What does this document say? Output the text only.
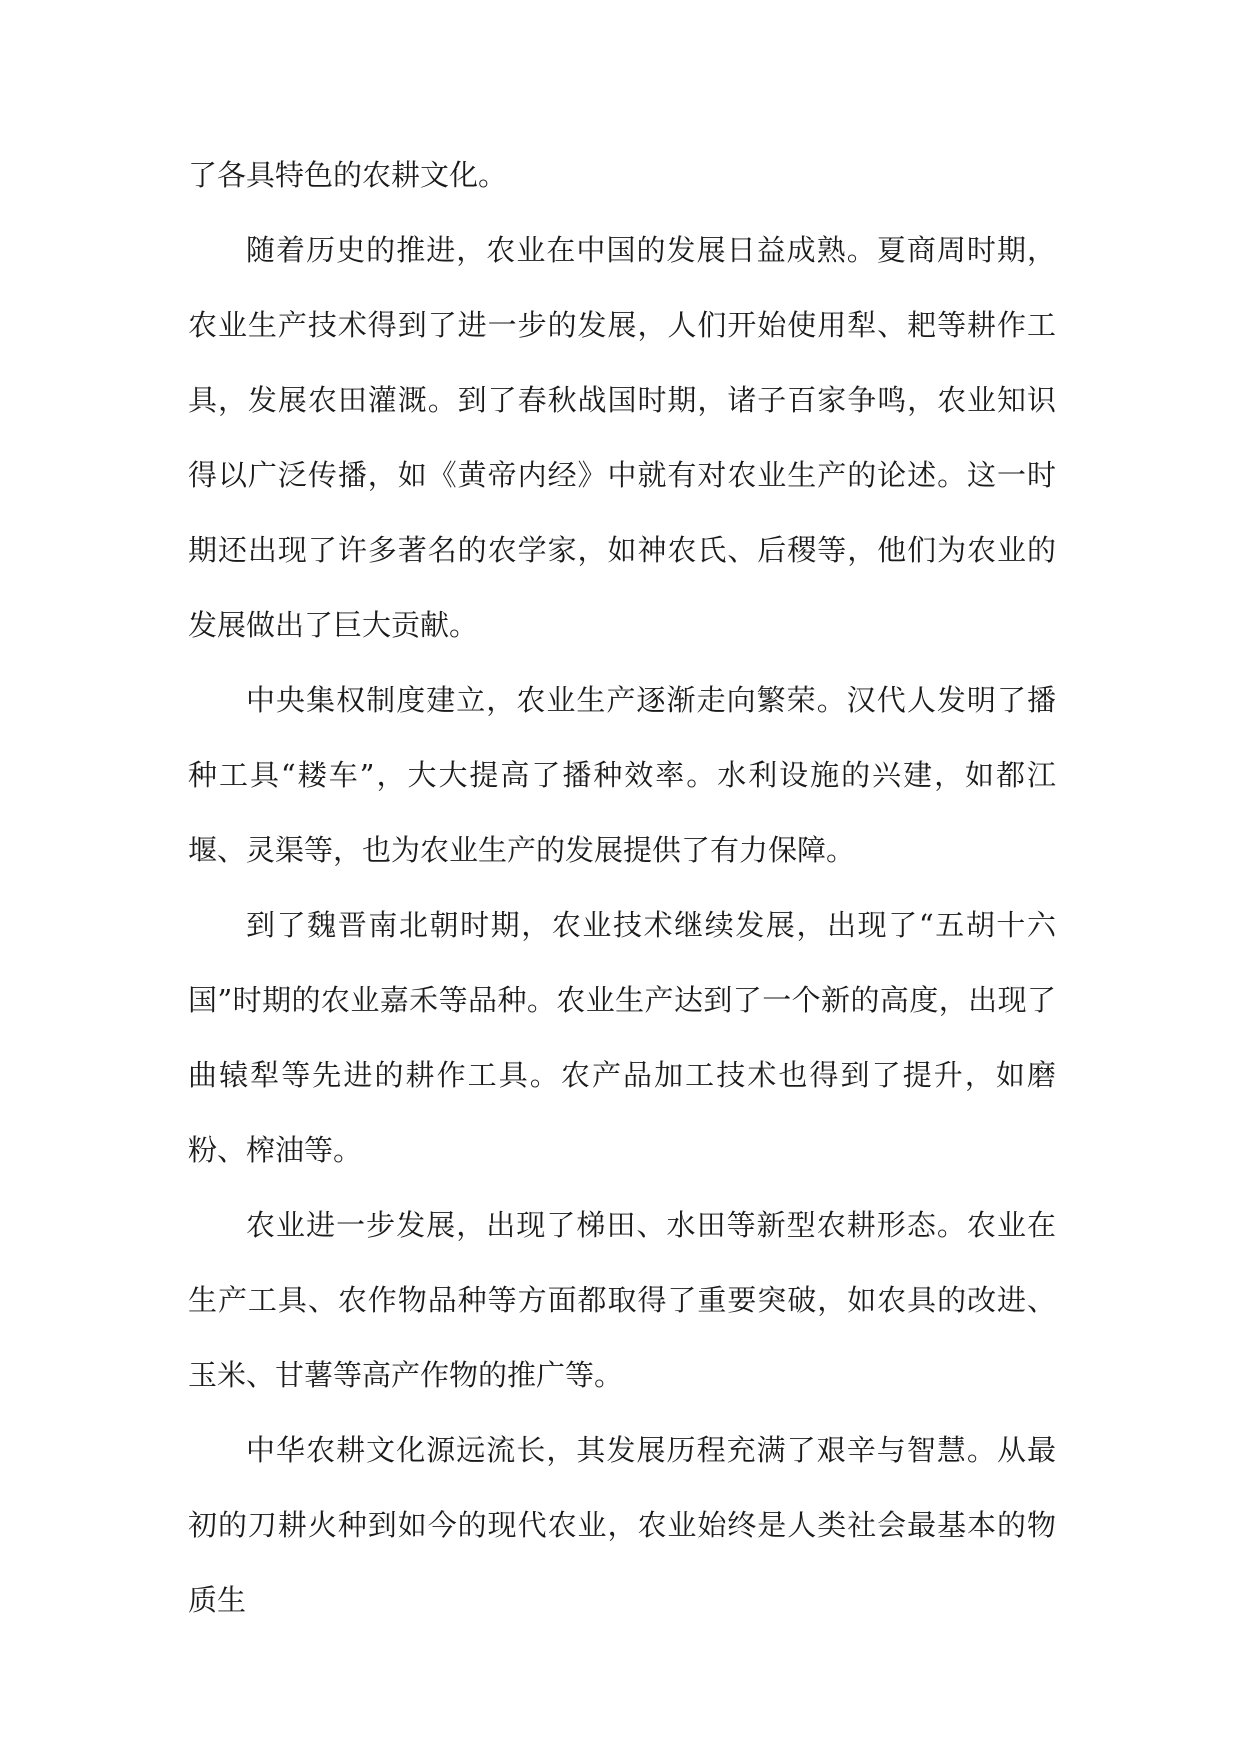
了各具特色的农耕文化。

随着历史的推进，农业在中国的发展日益成熟。夏商周时期，农业生产技术得到了进一步的发展，人们开始使用犁、耙等耕作工具，发展农田灌溉。到了春秋战国时期，诸子百家争鸣，农业知识得以广泛传播，如《黄帝内经》中就有对农业生产的论述。这一时期还出现了许多著名的农学家，如神农氏、后稷等，他们为农业的发展做出了巨大贡献。

中央集权制度建立，农业生产逐渐走向繁荣。汉代人发明了播种工具“耧车”，大大提高了播种效率。水利设施的兴建，如都江堰、灵渠等，也为农业生产的发展提供了有力保障。

到了魏晋南北朝时期，农业技术继续发展，出现了“五胡十六国”时期的农业嘉禾等品种。农业生产达到了一个新的高度，出现了曲辕犁等先进的耕作工具。农产品加工技术也得到了提升，如磨粉、榨油等。

农业进一步发展，出现了梯田、水田等新型农耕形态。农业在生产工具、农作物品种等方面都取得了重要突破，如农具的改进、玉米、甘薯等高产作物的推广等。

中华农耕文化源远流长，其发展历程充满了艰辛与智慧。从最初的刀耕火种到如今的现代农业，农业始终是人类社会最基本的物质生
